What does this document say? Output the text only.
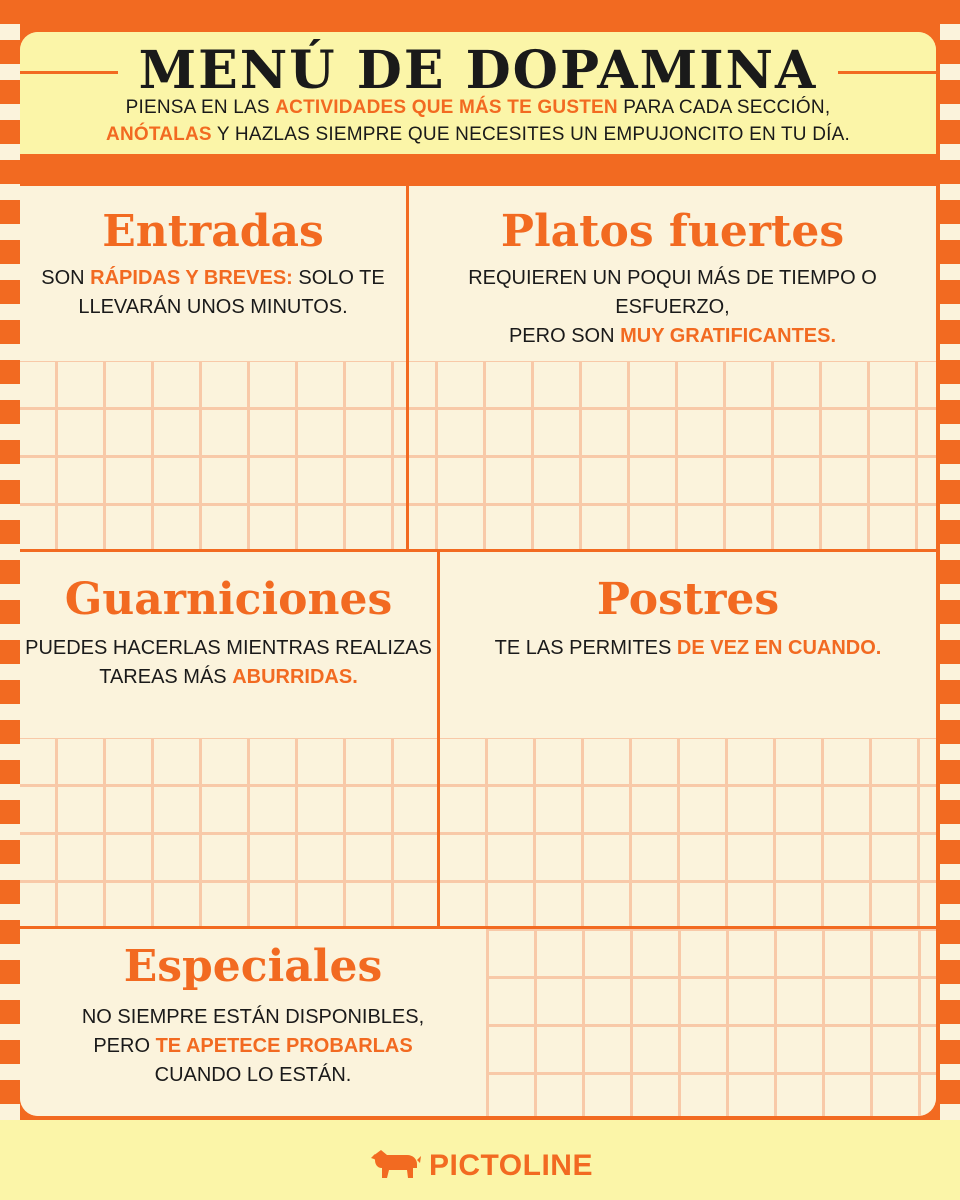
MENÚ DE DOPAMINA
PIENSA EN LAS ACTIVIDADES QUE MÁS TE GUSTEN PARA CADA SECCIÓN,
ANÓTALAS Y HAZLAS SIEMPRE QUE NECESITES UN EMPUJONCITO EN TU DÍA.
Entradas
SON RÁPIDAS Y BREVES: SOLO TE
LLEVARÁN UNOS MINUTOS.
Platos fuertes
REQUIEREN UN POQUI MÁS DE TIEMPO O ESFUERZO,
PERO SON MUY GRATIFICANTES.
Guarniciones
PUEDES HACERLAS MIENTRAS REALIZAS
TAREAS MÁS ABURRIDAS.
Postres
TE LAS PERMITES DE VEZ EN CUANDO.
Especiales
NO SIEMPRE ESTÁN DISPONIBLES,
PERO TE APETECE PROBARLAS
CUANDO LO ESTÁN.
PICTOLINE
